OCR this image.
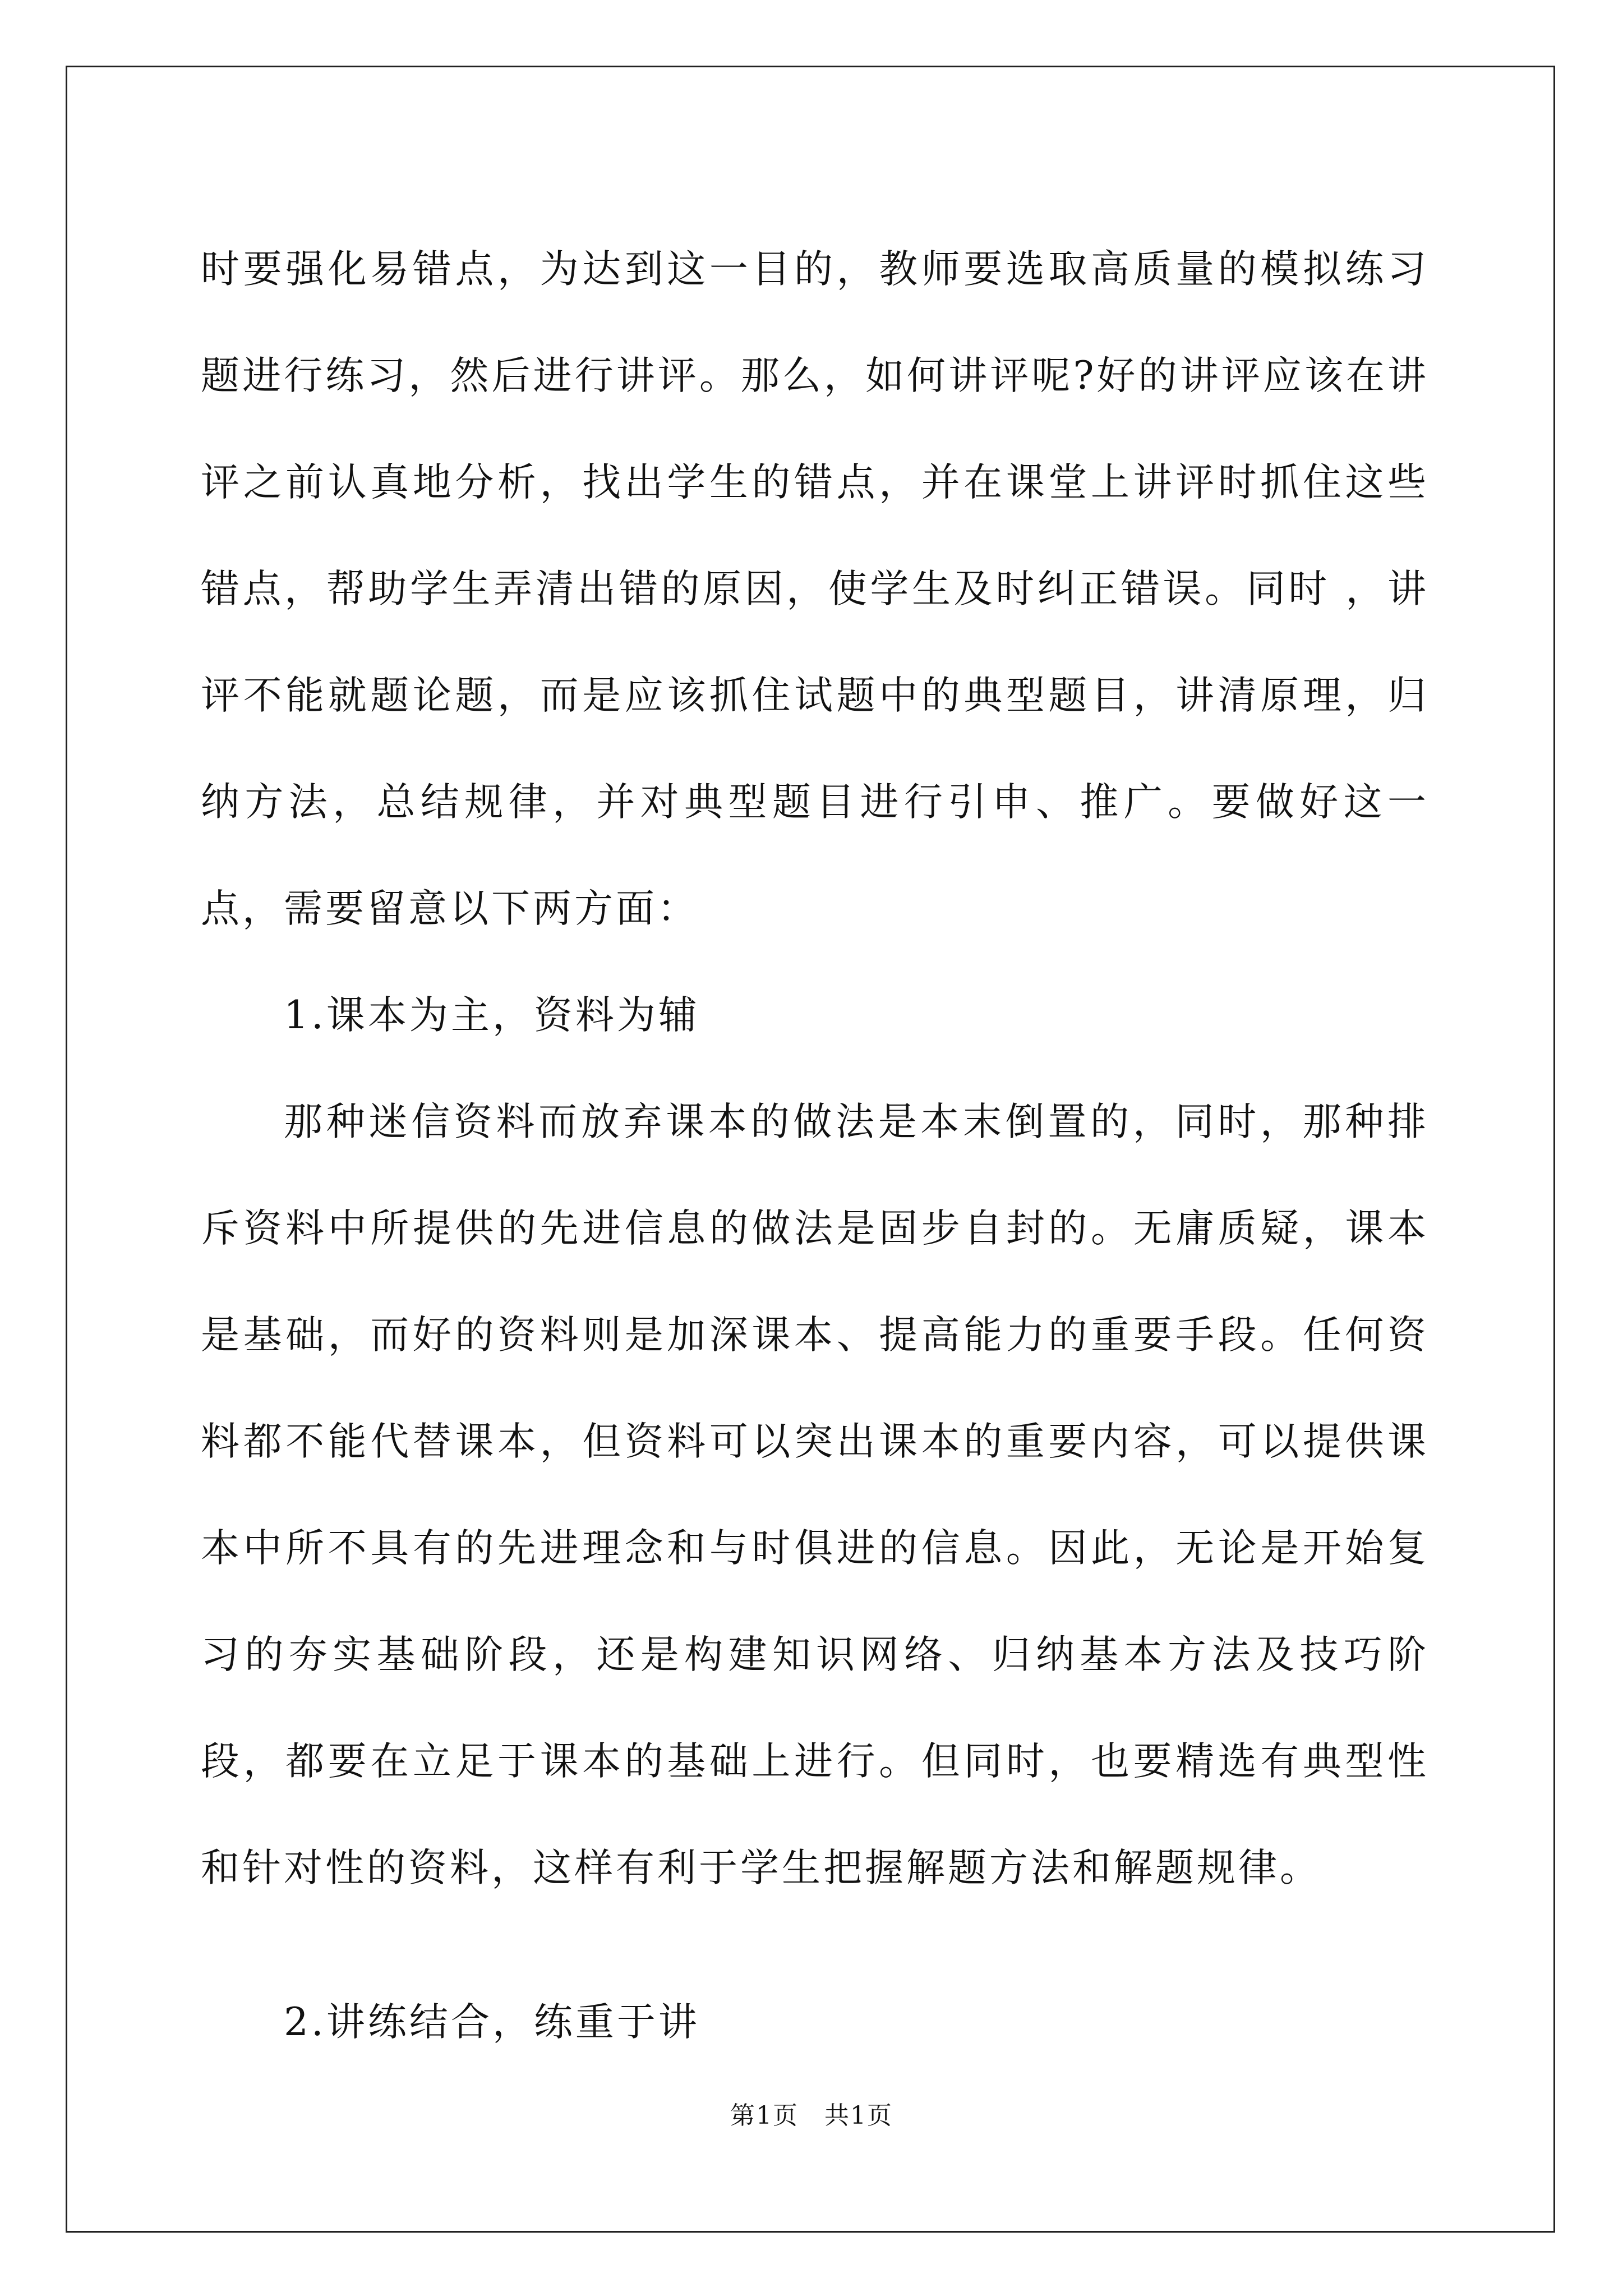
时要强化易错点，为达到这一目的，教师要选取高质量的模拟练习题进行练习，然后进行讲评。那么，如何讲评呢?好的讲评应该在讲评之前认真地分析，找出学生的错点，并在课堂上讲评时抓住这些错点，帮助学生弄清出错的原因，使学生及时纠正错误。同时 ，讲评不能就题论题，而是应该抓住试题中的典型题目，讲清原理，归纳方法，总结规律，并对典型题目进行引申、推广。要做好这一点，需要留意以下两方面：

1.课本为主，资料为辅

那种迷信资料而放弃课本的做法是本末倒置的，同时，那种排斥资料中所提供的先进信息的做法是固步自封的。无庸质疑，课本是基础，而好的资料则是加深课本、提高能力的重要手段。任何资料都不能代替课本，但资料可以突出课本的重要内容，可以提供课本中所不具有的先进理念和与时俱进的信息。因此，无论是开始复习的夯实基础阶段，还是构建知识网络、归纳基本方法及技巧阶段，都要在立足于课本的基础上进行。但同时，也要精选有典型性和针对性的资料，这样有利于学生把握解题方法和解题规律。

2.讲练结合，练重于讲

第1页　共1页
